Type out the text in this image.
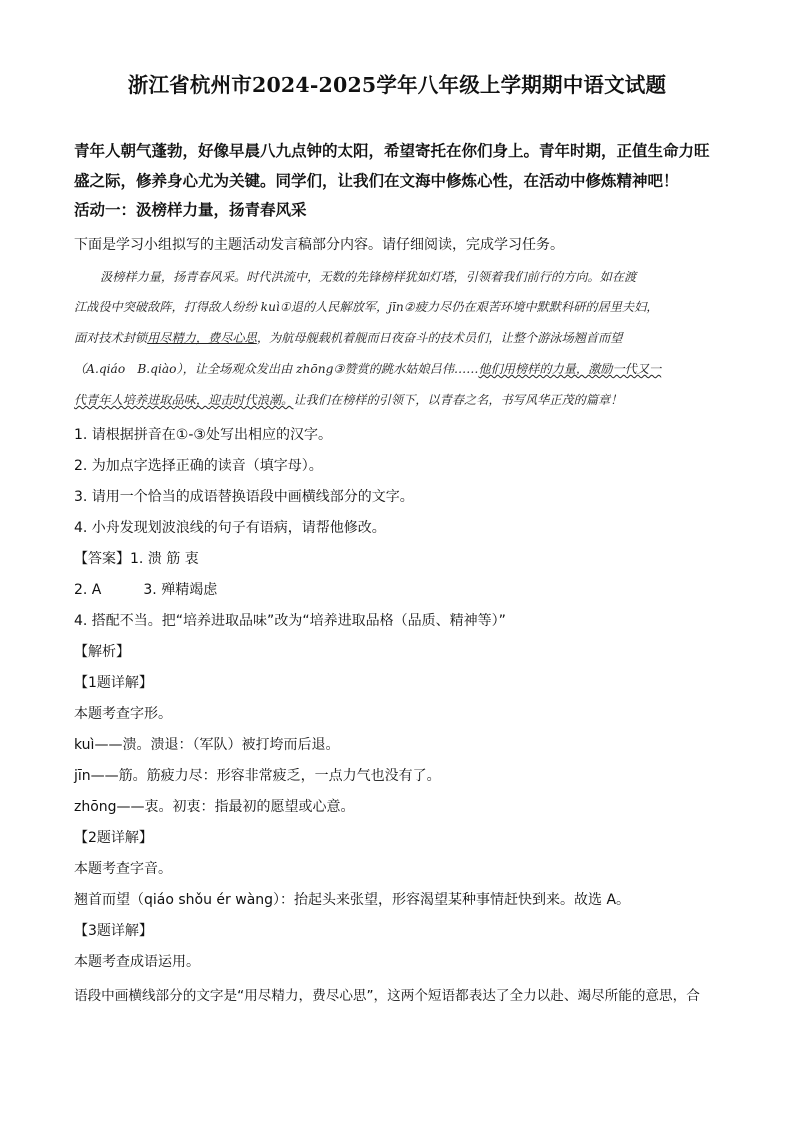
浙江省杭州市2024-2025学年八年级上学期期中语文试题
青年人朝气蓬勃，好像早晨八九点钟的太阳，希望寄托在你们身上。青年时期，正值生命力旺盛之际，修养身心尤为关键。同学们，让我们在文海中修炼心性，在活动中修炼精神吧！
活动一：汲榜样力量，扬青春风采
下面是学习小组拟写的主题活动发言稿部分内容。请仔细阅读，完成学习任务。
汲榜样力量，扬青春风采。时代洪流中，无数的先锋榜样犹如灯塔，引领着我们前行的方向。如在渡
江战役中突破敌阵，打得敌人纷纷 kuì①退的人民解放军，jīn②疲力尽仍在艰苦环境中默默科研的居里夫妇，
面对技术封锁用尽精力，费尽心思，为航母舰载机着舰而日夜奋斗的技术员们，让整个游泳场翘首而望
（A.qiáo　B.qiào），让全场观众发出由 zhōng③赞赏的跳水姑娘吕伟……他们用榜样的力量，激励一代又一
代青年人培养进取品味，迎击时代浪潮。让我们在榜样的引领下，以青春之名，书写风华正茂的篇章！
1. 请根据拼音在①-③处写出相应的汉字。
2. 为加点字选择正确的读音（填字母）。
3. 请用一个恰当的成语替换语段中画横线部分的文字。
4. 小舟发现划波浪线的句子有语病，请帮他修改。
【答案】1. 溃 筋 衷
2. A	3. 殚精竭虑
4. 搭配不当。把“培养进取品味”改为“培养进取品格（品质、精神等）”
【解析】
【1题详解】
本题考查字形。
kuì——溃。溃退：（军队）被打垮而后退。
jīn——筋。筋疲力尽：形容非常疲乏，一点力气也没有了。
zhōng——衷。初衷：指最初的愿望或心意。
【2题详解】
本题考查字音。
翘首而望（qiáo shǒu ér wàng）：抬起头来张望，形容渴望某种事情赶快到来。故选 A。
【3题详解】
本题考查成语运用。
语段中画横线部分的文字是“用尽精力，费尽心思”，这两个短语都表达了全力以赴、竭尽所能的意思，合
